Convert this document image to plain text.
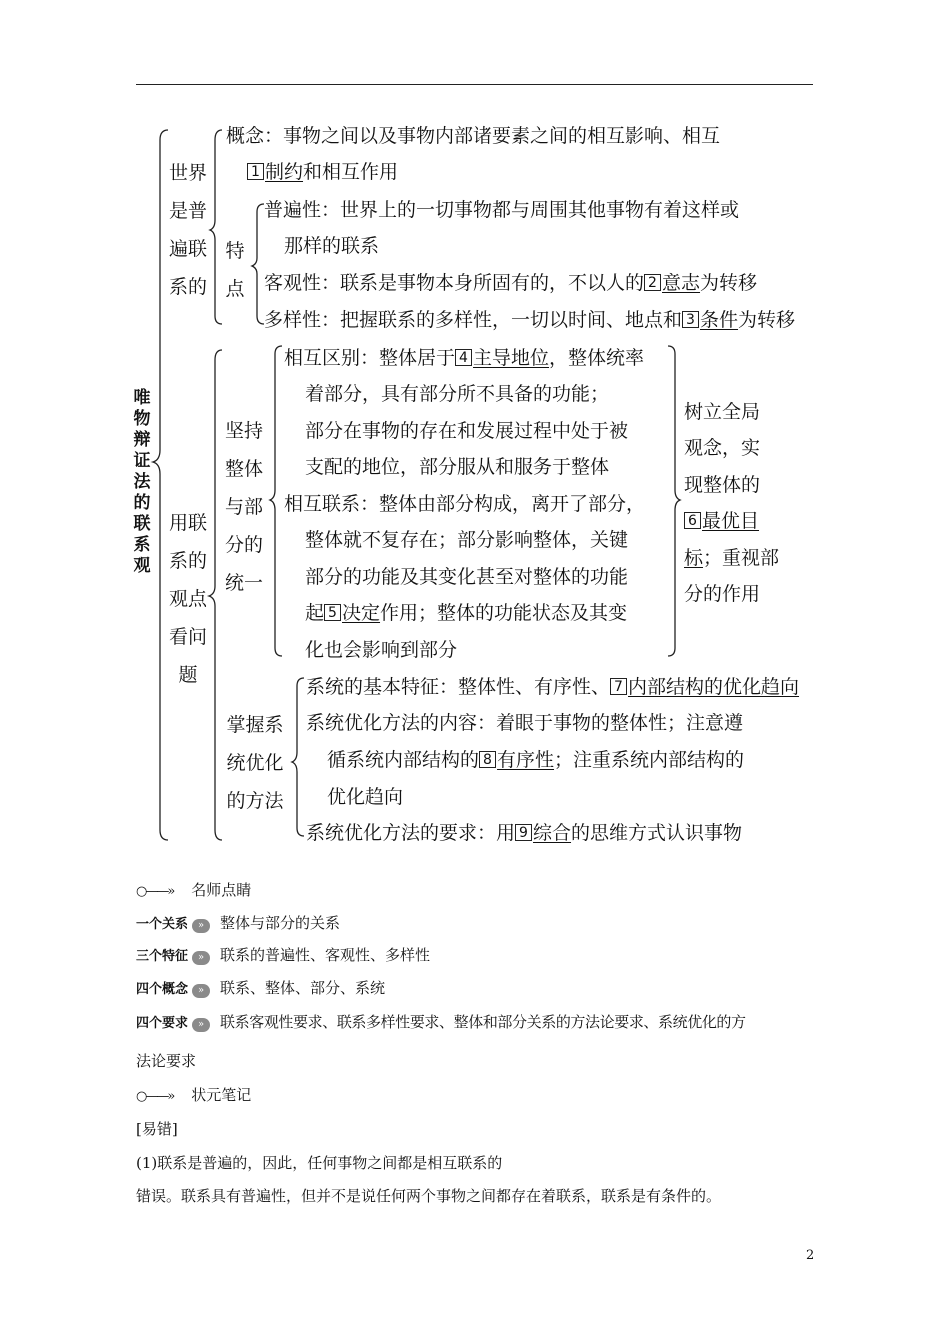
唯物辩证法的联系观
世界是普遍联系的
概念：事物之间以及事物内部诸要素之间的相互影响、相互
1 制约和相互作用
特点
普遍性：世界上的一切事物都与周围其他事物有着这样或
那样的联系
客观性：联系是事物本身所固有的，不以人的 2 意志为转移
多样性：把握联系的多样性，一切以时间、地点和 3 条件为转移
用联系的观点看问题
坚持整体与部分的统一
相互区别：整体居于 4 主导地位，整体统率
着部分，具有部分所不具备的功能；
部分在事物的存在和发展过程中处于被
支配的地位，部分服从和服务于整体
相互联系：整体由部分构成，离开了部分，
整体就不复存在；部分影响整体，关键
部分的功能及其变化甚至对整体的功能
起 5 决定作用；整体的功能状态及其变
化也会影响到部分
树立全局
观念，实
现整体的
6 最优目
标；重视部
分的作用
掌握系统优化的方法
系统的基本特征：整体性、有序性、 7 内部结构的优化趋向
系统优化方法的内容：着眼于事物的整体性；注意遵
循系统内部结构的 8 有序性；注重系统内部结构的
优化趋向
系统优化方法的要求：用 9 综合的思维方式认识事物
○——» 名师点睛
一个关系 » 整体与部分的关系
三个特征 » 联系的普遍性、客观性、多样性
四个概念 » 联系、整体、部分、系统
四个要求 » 联系客观性要求、联系多样性要求、整体和部分关系的方法论要求、系统优化的方
法论要求
○——» 状元笔记
[易错]
(1)联系是普遍的，因此，任何事物之间都是相互联系的
错误。联系具有普遍性，但并不是说任何两个事物之间都存在着联系，联系是有条件的。
2
